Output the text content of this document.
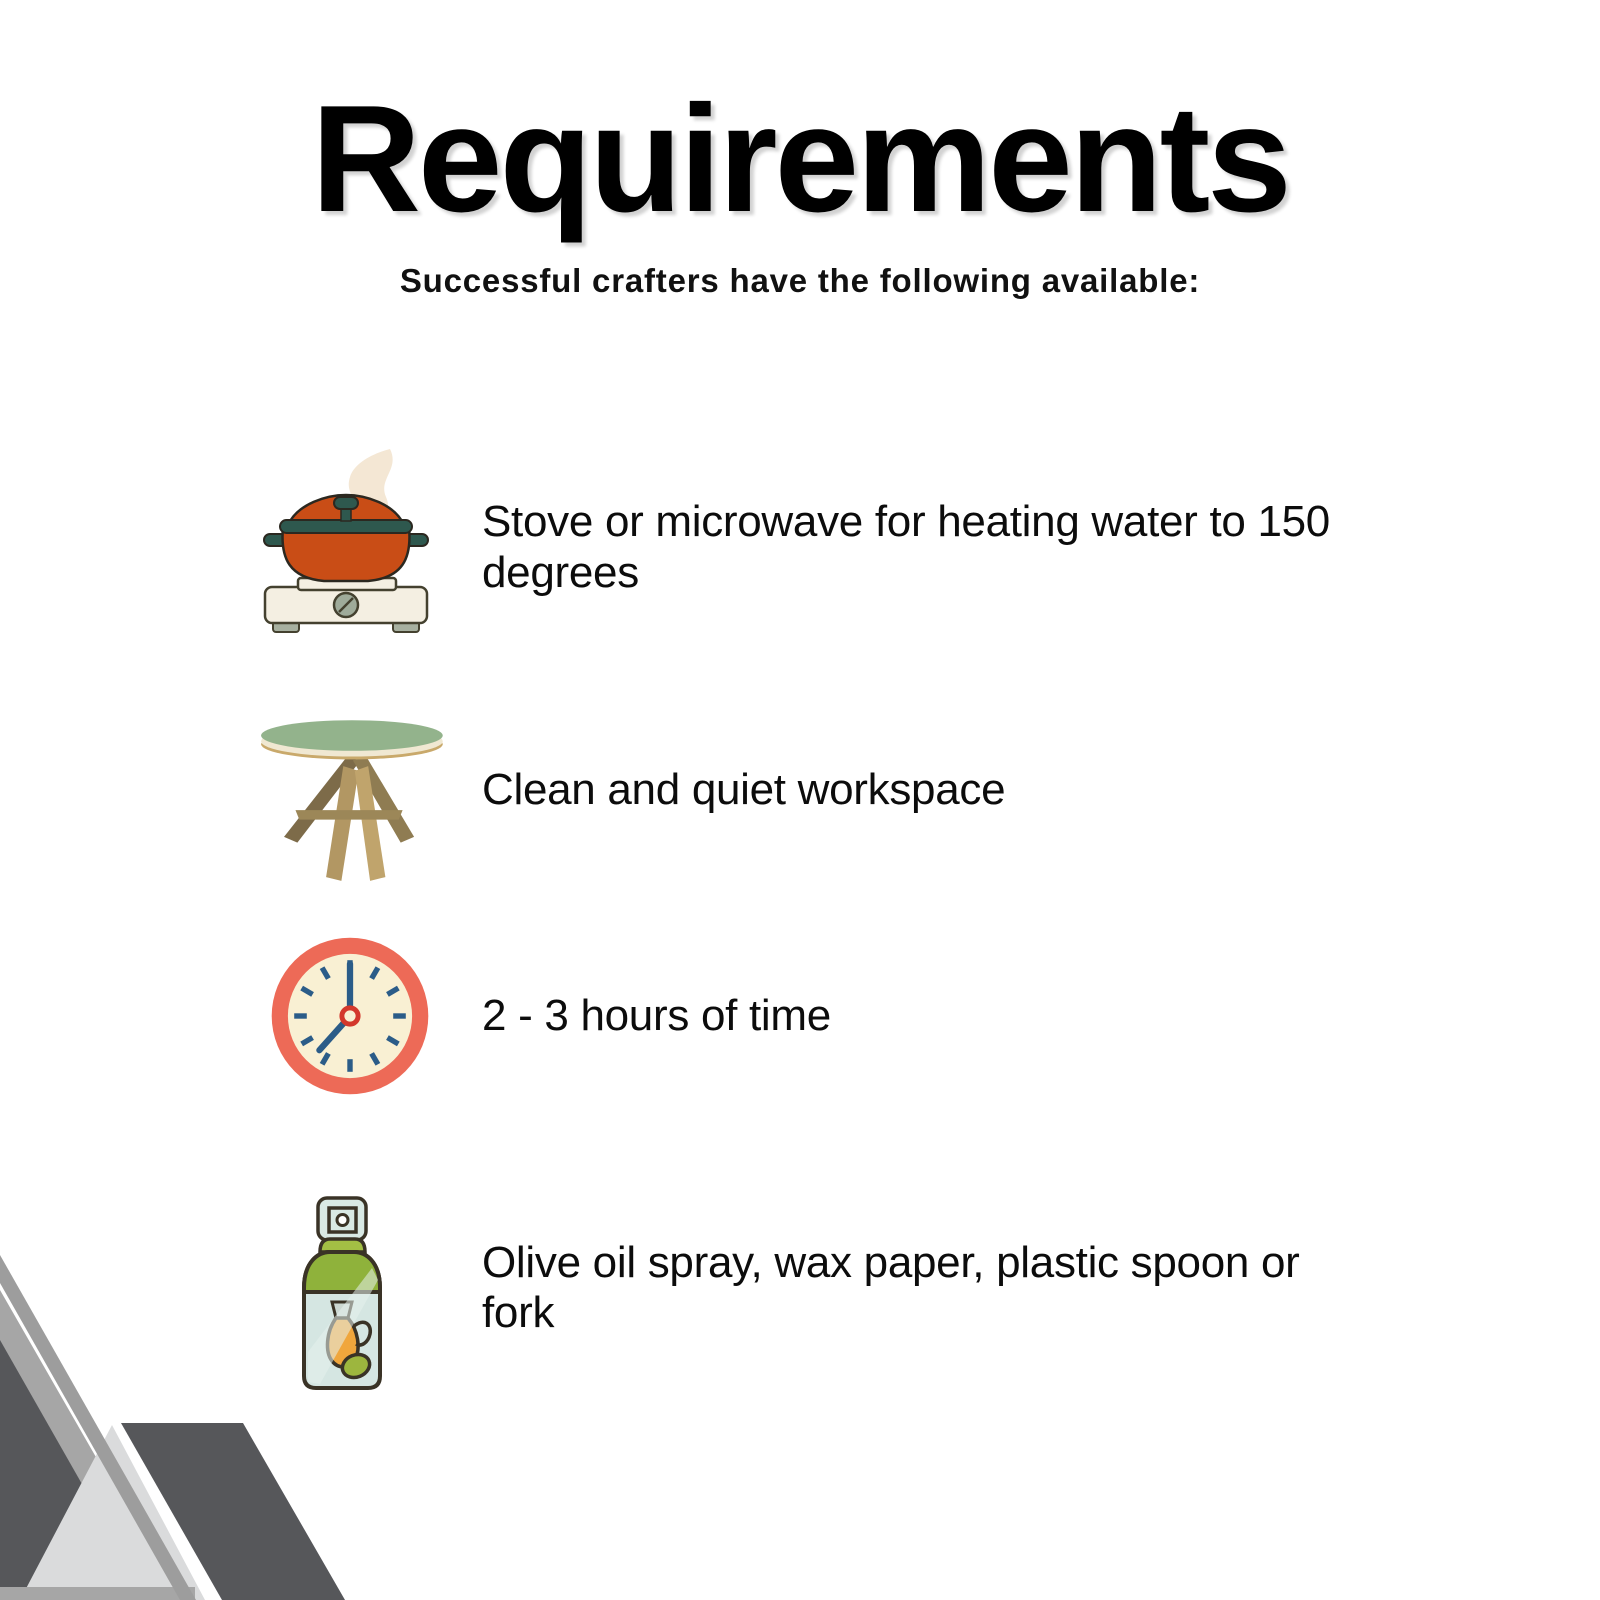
Requirements

Successful crafters have the following available:

Stove or microwave for heating water to 150 degrees

Clean and quiet workspace

2 - 3 hours of time

Olive oil spray, wax paper, plastic spoon or fork
